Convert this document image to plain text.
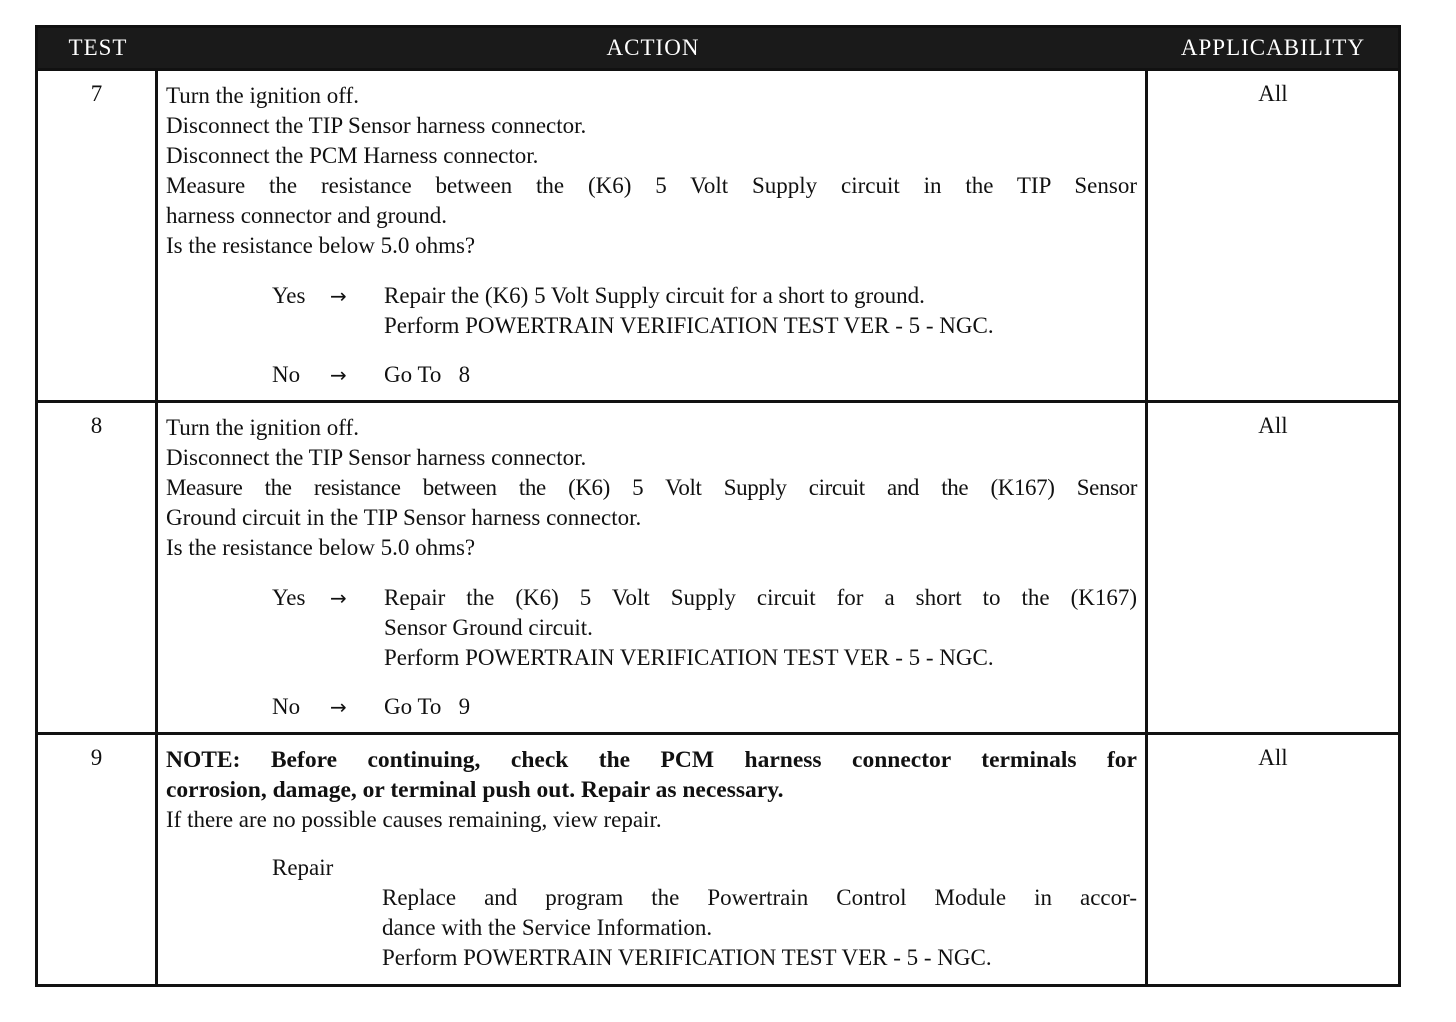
TEST	ACTION	APPLICABILITY
7	Turn the ignition off.
Disconnect the TIP Sensor harness connector.
Disconnect the PCM Harness connector.
Measure the resistance between the (K6) 5 Volt Supply circuit in the TIP Sensor
harness connector and ground.
Is the resistance below 5.0 ohms?
Yes	→	Repair the (K6) 5 Volt Supply circuit for a short to ground.
Perform POWERTRAIN VERIFICATION TEST VER - 5 - NGC.
No	→	Go To   8
All
8	Turn the ignition off.
Disconnect the TIP Sensor harness connector.
Measure the resistance between the (K6) 5 Volt Supply circuit and the (K167) Sensor
Ground circuit in the TIP Sensor harness connector.
Is the resistance below 5.0 ohms?
Yes	→	Repair the (K6) 5 Volt Supply circuit for a short to the (K167)
Sensor Ground circuit.
Perform POWERTRAIN VERIFICATION TEST VER - 5 - NGC.
No	→	Go To   9
All
9	NOTE: Before continuing, check the PCM harness connector terminals for
corrosion, damage, or terminal push out. Repair as necessary.
If there are no possible causes remaining, view repair.
Repair
Replace and program the Powertrain Control Module in accor-
dance with the Service Information.
Perform POWERTRAIN VERIFICATION TEST VER - 5 - NGC.
All
